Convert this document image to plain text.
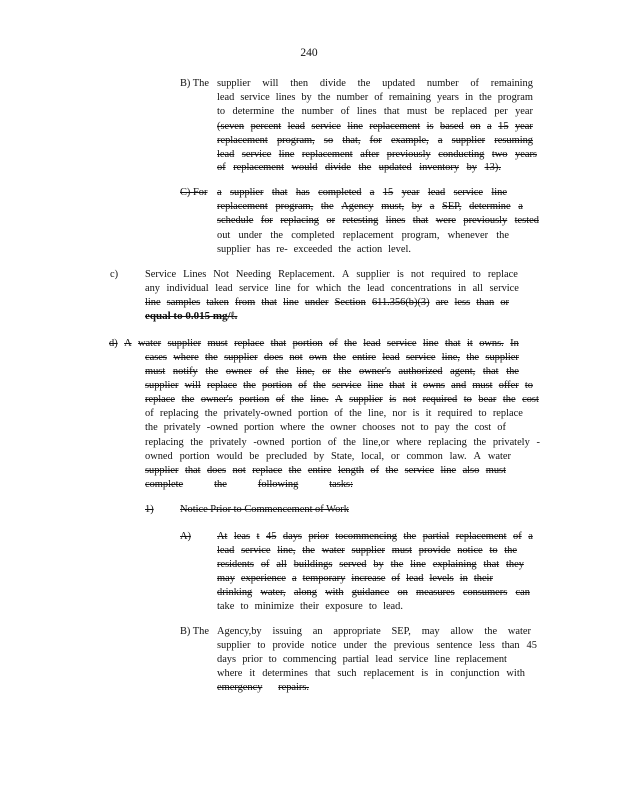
240
B) The supplier will then divide the updated number of remaining
lead service lines by the number of remaining years in the program
to determine the number of lines that must be replaced per year
(seven percent lead service line replacement is based on a 15 year
replacement program, so that, for example, a supplier resuming
lead service line replacement after previously conducting two years
of replacement would divide the updated inventory by 13).
C) For a supplier that has completed a 15 year lead service line
replacement program, the Agency must, by a SEP, determine a
schedule for replacing or retesting lines that were previously tested
out under the completed replacement program, whenever the
supplier has re- exceeded the action level.
c)	Service Lines Not Needing Replacement. A supplier is not required to replace
any individual lead service line for which the lead concentrations in all service
line samples taken from that line under Section 611.356(b)(3) are less than or
equal to 0.015 mg/ℓ.
d) A water supplier must replace that portion of the lead service line that it owns. In
cases where the supplier does not own the entire lead service line, the supplier
must notify the owner of the line, or the owner's authorized agent, that the
supplier will replace the portion of the service line that it owns and must offer to
replace the owner's portion of the line. A supplier is not required to bear the cost
of replacing the privately-owned portion of the line, nor is it required to replace
the privately -owned portion where the owner chooses not to pay the cost of
replacing the privately -owned portion of the line,or where replacing the privately -
owned portion would be precluded by State, local, or common law. A water
supplier that does not replace the entire length of the service line also must
complete	the	following	tasks:
1)	Notice Prior to Commencement of Work
A)	At leas t 45 days prior tocommencing the partial replacement of a
lead service line, the water supplier must provide notice to the
residents of all buildings served by the line explaining that they
may experience a temporary increase of lead levels in their
drinking water, along with guidance on measures consumers can
take to minimize their exposure to lead.
B) The Agency,by issuing an appropriate SEP, may allow the water
supplier to provide notice under the previous sentence less than 45
days prior to commencing partial lead service line replacement
where it determines that such replacement is in conjunction with
emergency repairs.
